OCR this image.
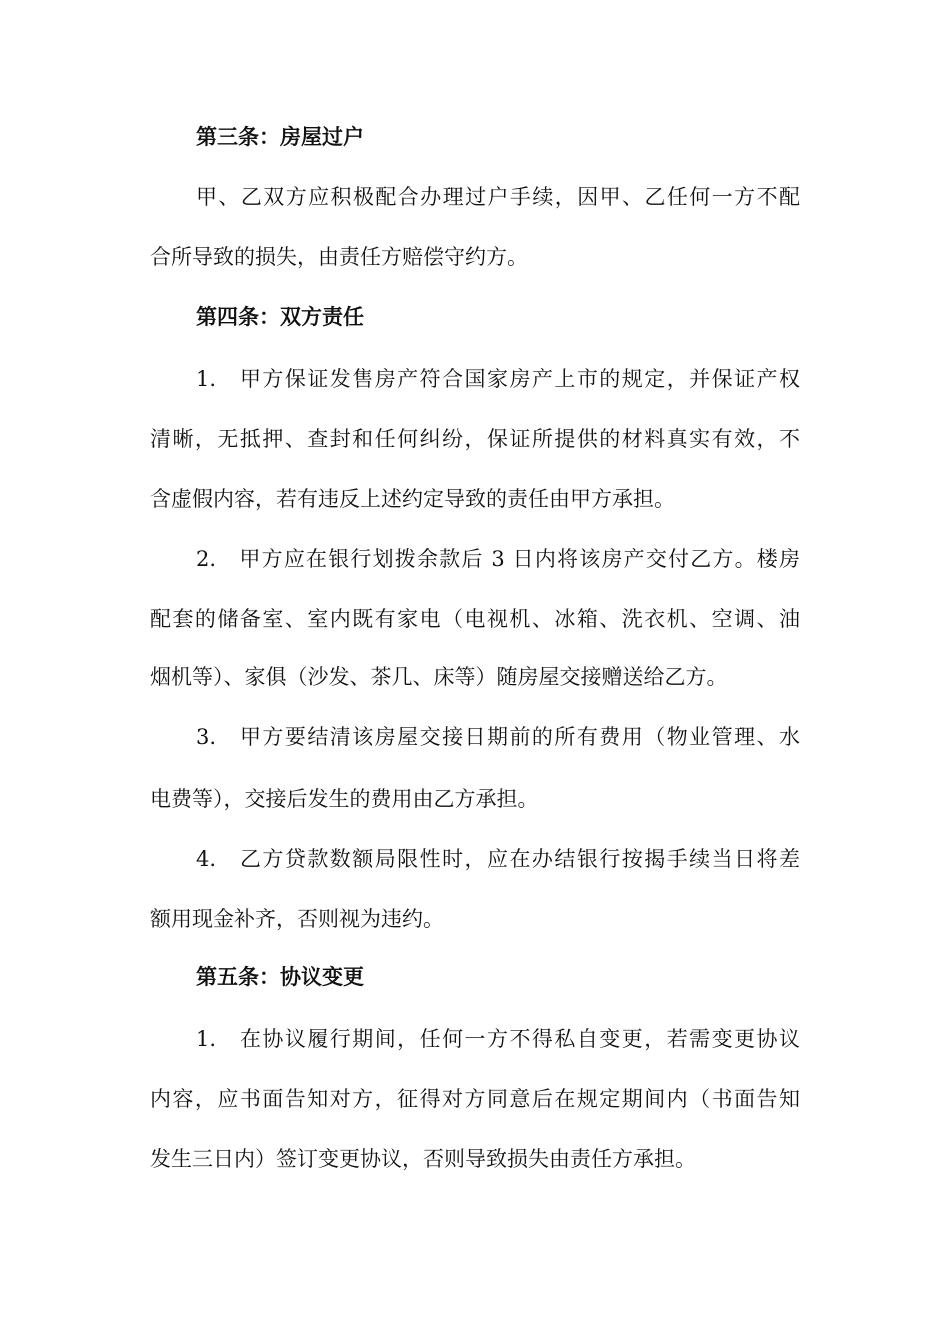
第三条：房屋过户
甲、乙双方应积极配合办理过户手续，因甲、乙任何一方不配
合所导致的损失，由责任方赔偿守约方。
第四条：双方责任
1.　甲方保证发售房产符合国家房产上市的规定，并保证产权
清晰，无抵押、查封和任何纠纷，保证所提供的材料真实有效，不
含虚假内容，若有违反上述约定导致的责任由甲方承担。
2.　甲方应在银行划拨余款后 3 日内将该房产交付乙方。楼房
配套的储备室、室内既有家电（电视机、冰箱、洗衣机、空调、油
烟机等）、家俱（沙发、茶几、床等）随房屋交接赠送给乙方。
3.　甲方要结清该房屋交接日期前的所有费用（物业管理、水
电费等），交接后发生的费用由乙方承担。
4.　乙方贷款数额局限性时，应在办结银行按揭手续当日将差
额用现金补齐，否则视为违约。
第五条：协议变更
1.　在协议履行期间，任何一方不得私自变更，若需变更协议
内容，应书面告知对方，征得对方同意后在规定期间内（书面告知
发生三日内）签订变更协议，否则导致损失由责任方承担。
